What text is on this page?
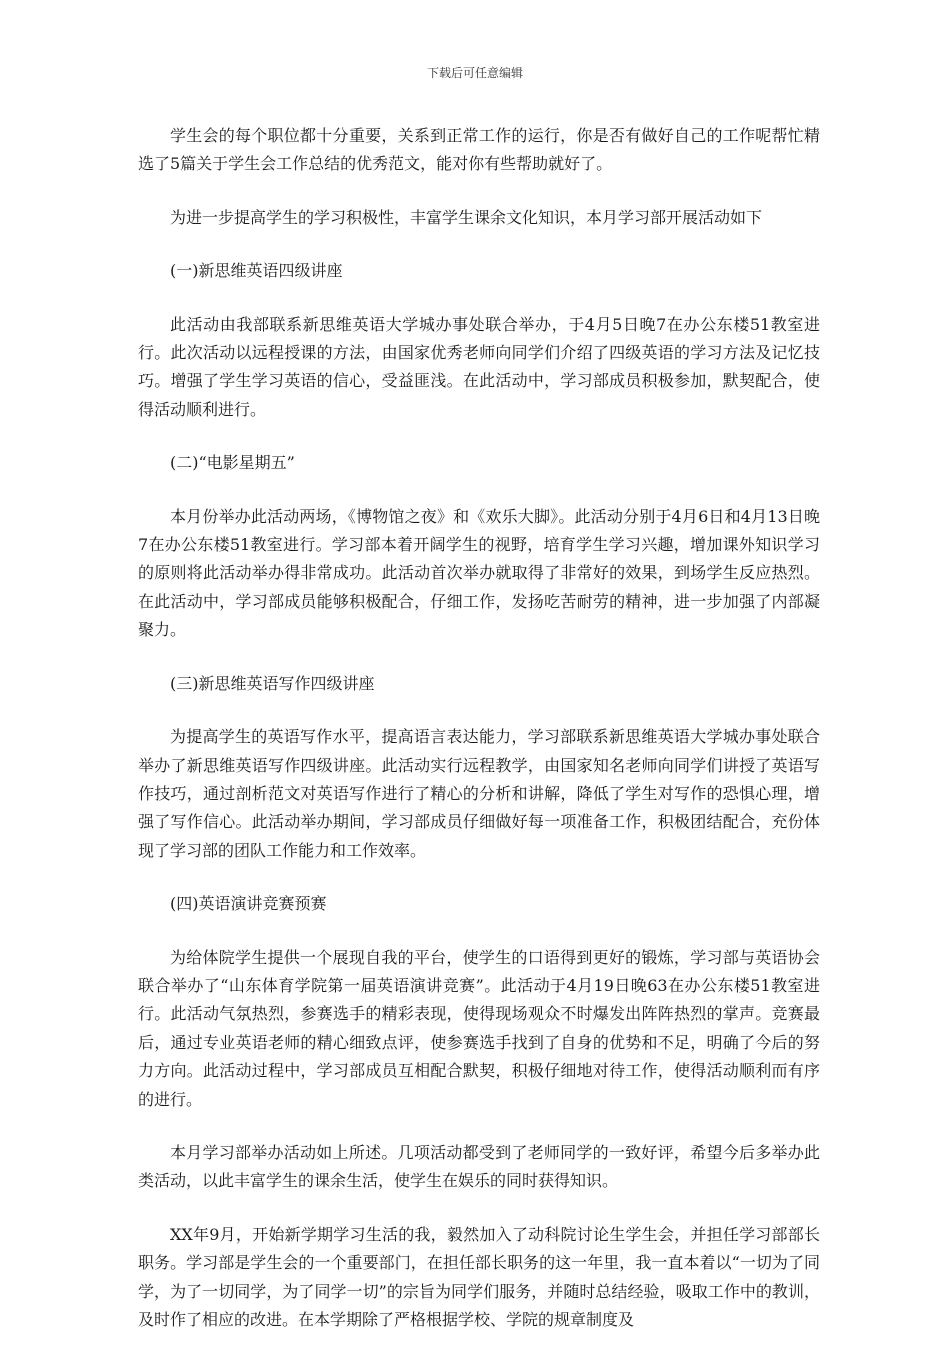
下载后可任意编辑

学生会的每个职位都十分重要，关系到正常工作的运行，你是否有做好自己的工作呢帮忙精选了5篇关于学生会工作总结的优秀范文，能对你有些帮助就好了。

为进一步提高学生的学习积极性，丰富学生课余文化知识，本月学习部开展活动如下

(一)新思维英语四级讲座

此活动由我部联系新思维英语大学城办事处联合举办，于4月5日晚7在办公东楼51教室进行。此次活动以远程授课的方法，由国家优秀老师向同学们介绍了四级英语的学习方法及记忆技巧。增强了学生学习英语的信心，受益匪浅。在此活动中，学习部成员积极参加，默契配合，使得活动顺利进行。

(二)“电影星期五”

本月份举办此活动两场，《博物馆之夜》和《欢乐大脚》。此活动分别于4月6日和4月13日晚7在办公东楼51教室进行。学习部本着开阔学生的视野，培育学生学习兴趣，增加课外知识学习的原则将此活动举办得非常成功。此活动首次举办就取得了非常好的效果，到场学生反应热烈。在此活动中，学习部成员能够积极配合，仔细工作，发扬吃苦耐劳的精神，进一步加强了内部凝聚力。

(三)新思维英语写作四级讲座

为提高学生的英语写作水平，提高语言表达能力，学习部联系新思维英语大学城办事处联合举办了新思维英语写作四级讲座。此活动实行远程教学，由国家知名老师向同学们讲授了英语写作技巧，通过剖析范文对英语写作进行了精心的分析和讲解，降低了学生对写作的恐惧心理，增强了写作信心。此活动举办期间，学习部成员仔细做好每一项准备工作，积极团结配合，充份体现了学习部的团队工作能力和工作效率。

(四)英语演讲竞赛预赛

为给体院学生提供一个展现自我的平台，使学生的口语得到更好的锻炼，学习部与英语协会联合举办了“山东体育学院第一届英语演讲竞赛”。此活动于4月19日晚63在办公东楼51教室进行。此活动气氛热烈，参赛选手的精彩表现，使得现场观众不时爆发出阵阵热烈的掌声。竞赛最后，通过专业英语老师的精心细致点评，使参赛选手找到了自身的优势和不足，明确了今后的努力方向。此活动过程中，学习部成员互相配合默契，积极仔细地对待工作，使得活动顺利而有序的进行。

本月学习部举办活动如上所述。几项活动都受到了老师同学的一致好评，希望今后多举办此类活动，以此丰富学生的课余生活，使学生在娱乐的同时获得知识。

XX年9月，开始新学期学习生活的我，毅然加入了动科院讨论生学生会，并担任学习部部长职务。学习部是学生会的一个重要部门，在担任部长职务的这一年里，我一直本着以“一切为了同学，为了一切同学，为了同学一切”的宗旨为同学们服务，并随时总结经验，吸取工作中的教训，及时作了相应的改进。在本学期除了严格根据学校、学院的规章制度及
